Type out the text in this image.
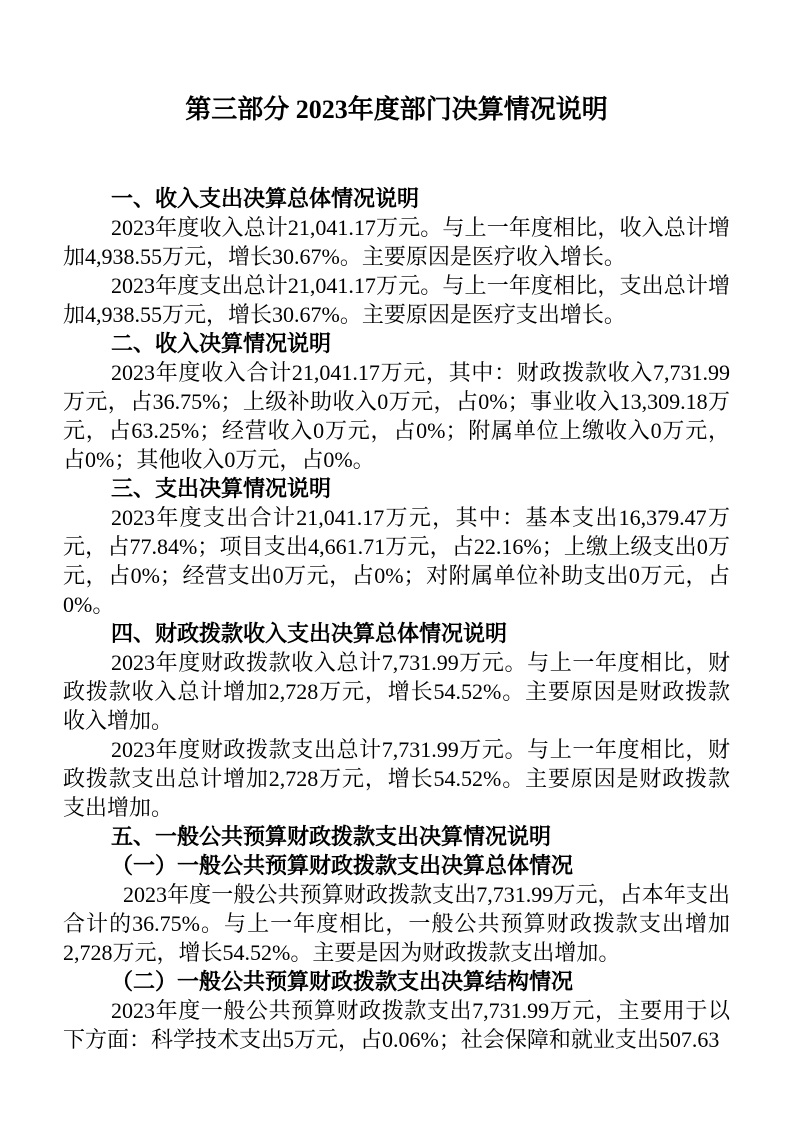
第三部分 2023年度部门决算情况说明
一、收入支出决算总体情况说明

2023年度收入总计21,041.17万元。与上一年度相比，收入总计增加4,938.55万元，增长30.67%。主要原因是医疗收入增长。

2023年度支出总计21,041.17万元。与上一年度相比，支出总计增加4,938.55万元，增长30.67%。主要原因是医疗支出增长。

二、收入决算情况说明

2023年度收入合计21,041.17万元，其中：财政拨款收入7,731.99万元，占36.75%；上级补助收入0万元，占0%；事业收入13,309.18万元，占63.25%；经营收入0万元，占0%；附属单位上缴收入0万元，占0%；其他收入0万元，占0%。

三、支出决算情况说明

2023年度支出合计21,041.17万元，其中：基本支出16,379.47万元，占77.84%；项目支出4,661.71万元，占22.16%；上缴上级支出0万元，占0%；经营支出0万元，占0%；对附属单位补助支出0万元，占0%。

四、财政拨款收入支出决算总体情况说明

2023年度财政拨款收入总计7,731.99万元。与上一年度相比，财政拨款收入总计增加2,728万元，增长54.52%。主要原因是财政拨款收入增加。

2023年度财政拨款支出总计7,731.99万元。与上一年度相比，财政拨款支出总计增加2,728万元，增长54.52%。主要原因是财政拨款支出增加。

五、一般公共预算财政拨款支出决算情况说明
（一）一般公共预算财政拨款支出决算总体情况

2023年度一般公共预算财政拨款支出7,731.99万元，占本年支出合计的36.75%。与上一年度相比，一般公共预算财政拨款支出增加2,728万元，增长54.52%。主要是因为财政拨款支出增加。

（二）一般公共预算财政拨款支出决算结构情况

2023年度一般公共预算财政拨款支出7,731.99万元，主要用于以下方面：科学技术支出5万元，占0.06%；社会保障和就业支出507.63
